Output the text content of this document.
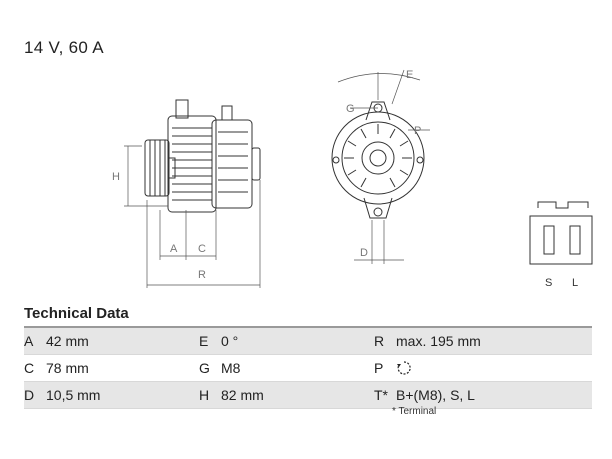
14 V, 60 A
H
A C
R
E
G
P
D
S L
Technical Data
A 42 mm	E 0 °	R max. 195 mm
C 78 mm	G M8	P
D 10,5 mm	H 82 mm	T* B+(M8), S, L
* Terminal
